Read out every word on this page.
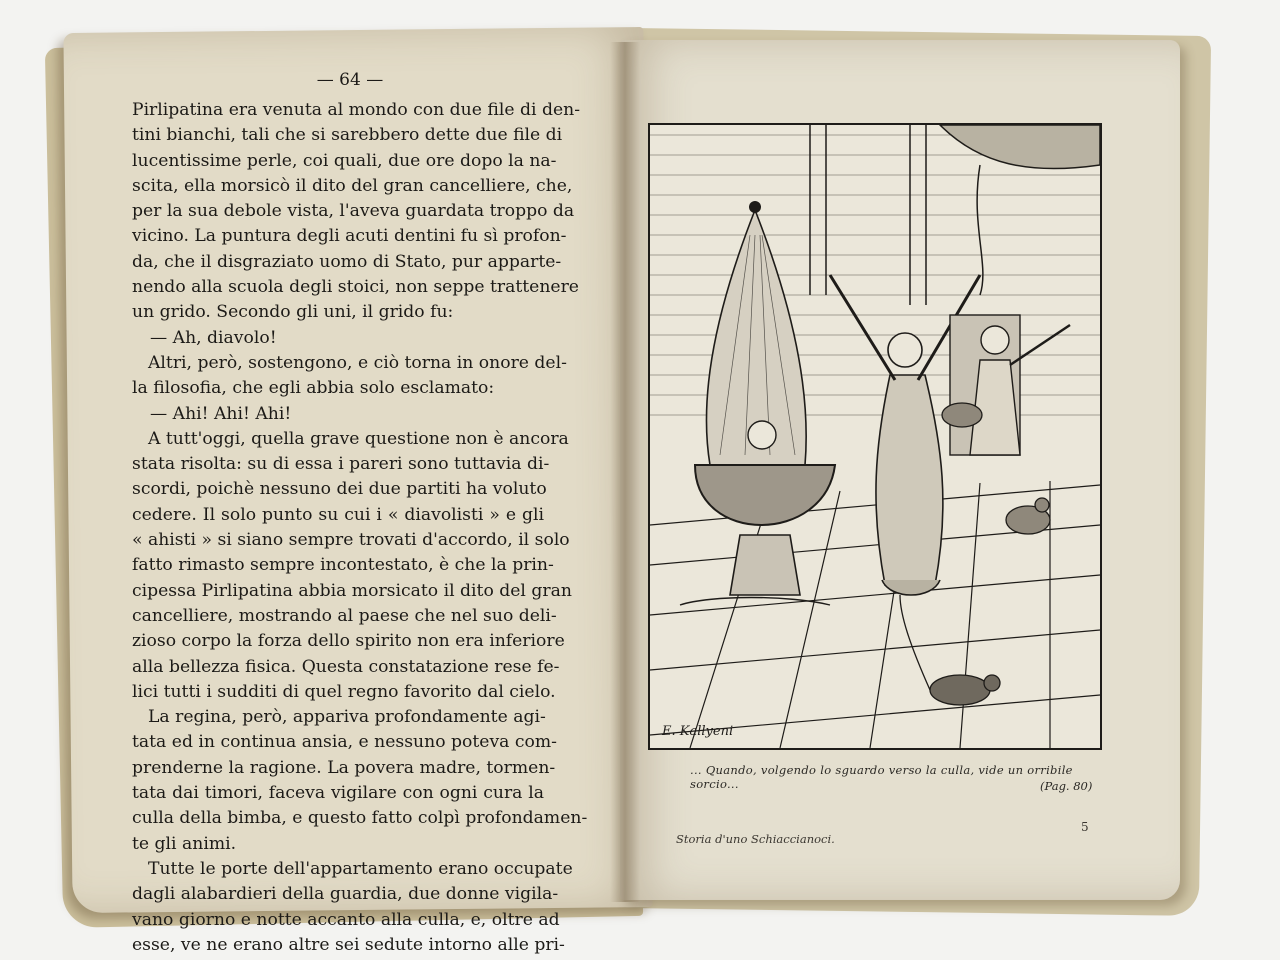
— 64 —
Pirlipatina era venuta al mondo con due file di den-
tini bianchi, tali che si sarebbero dette due file di
lucentissime perle, coi quali, due ore dopo la na-
scita, ella morsicò il dito del gran cancelliere, che,
per la sua debole vista, l'aveva guardata troppo da
vicino. La puntura degli acuti dentini fu sì profon-
da, che il disgraziato uomo di Stato, pur apparte-
nendo alla scuola degli stoici, non seppe trattenere
un grido. Secondo gli uni, il grido fu:
— Ah, diavolo!
Altri, però, sostengono, e ciò torna in onore del-
la filosofia, che egli abbia solo esclamato:
— Ahi! Ahi! Ahi!
A tutt'oggi, quella grave questione non è ancora
stata risolta: su di essa i pareri sono tuttavia di-
scordi, poichè nessuno dei due partiti ha voluto
cedere. Il solo punto su cui i « diavolisti » e gli
« ahisti » si siano sempre trovati d'accordo, il solo
fatto rimasto sempre incontestato, è che la prin-
cipessa Pirlipatina abbia morsicato il dito del gran
cancelliere, mostrando al paese che nel suo deli-
zioso corpo la forza dello spirito non era inferiore
alla bellezza fisica. Questa constatazione rese fe-
lici tutti i sudditi di quel regno favorito dal cielo.
La regina, però, appariva profondamente agi-
tata ed in continua ansia, e nessuno poteva com-
prenderne la ragione. La povera madre, tormen-
tata dai timori, faceva vigilare con ogni cura la
culla della bimba, e questo fatto colpì profondamen-
te gli animi.
Tutte le porte dell'appartamento erano occupate
dagli alabardieri della guardia, due donne vigila-
vano giorno e notte accanto alla culla, e, oltre ad
esse, ve ne erano altre sei sedute intorno alle pri-
E. Kallyeni
... Quando, volgendo lo sguardo verso la culla, vide un orribile sorcio...	(Pag. 80)
Storia d'uno Schiaccianoci.
5
